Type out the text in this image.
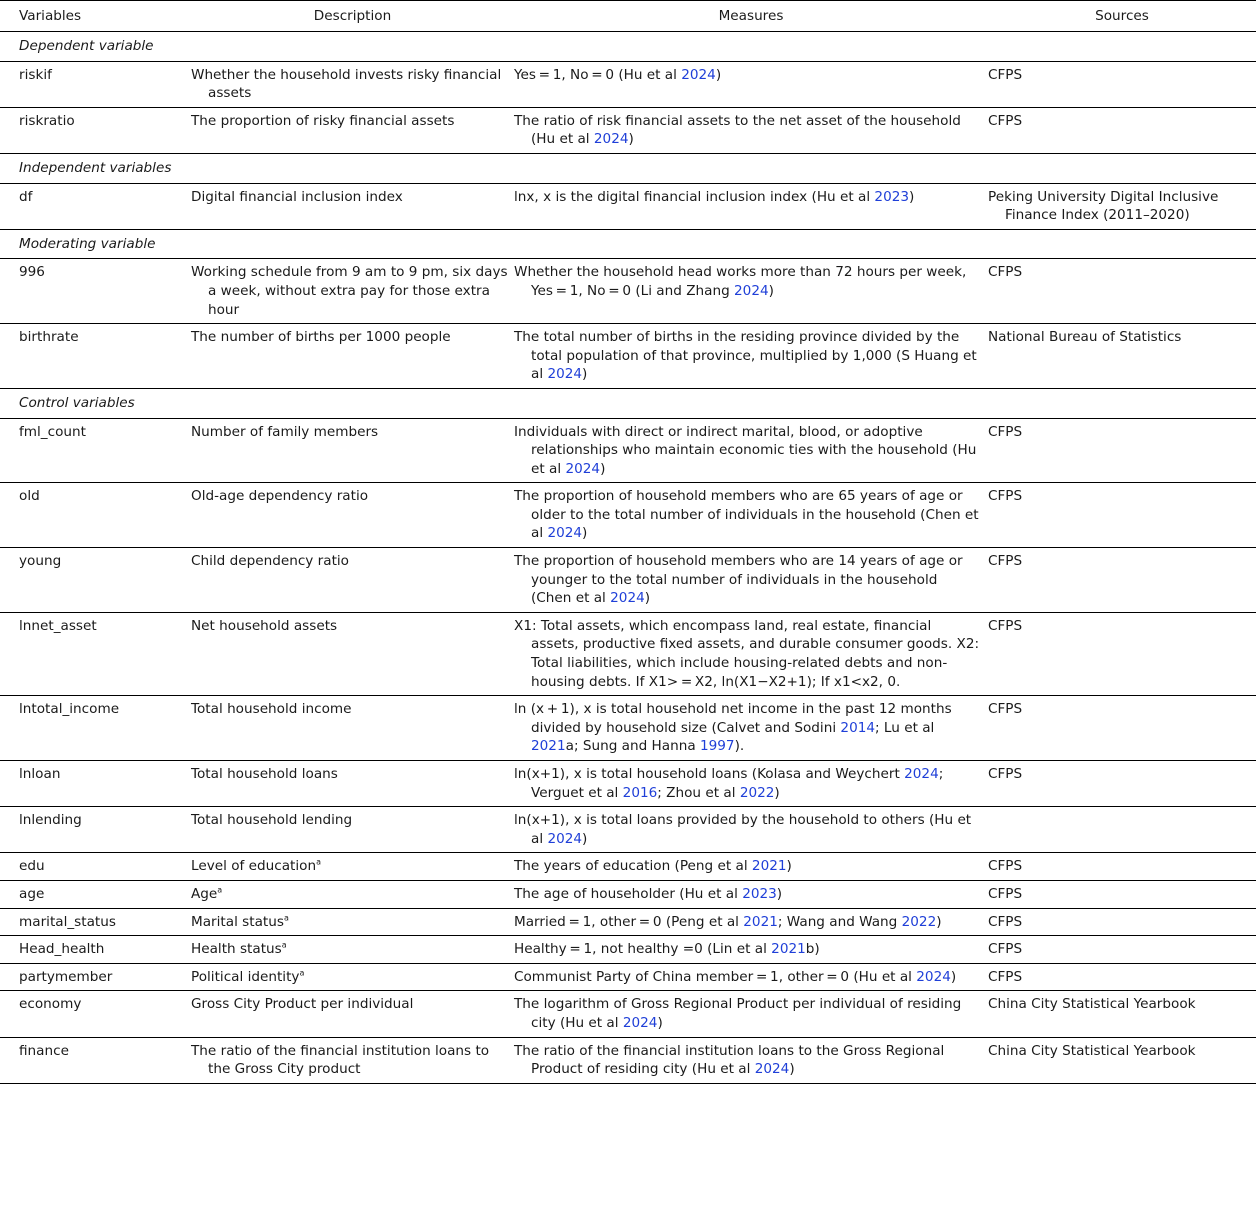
Variables	Description	Measures	Sources
Dependent variable			
riskif	Whether the household invests risky financial assets	Yes = 1, No = 0 (Hu et al 2024)	CFPS

riskratio	The proportion of risky financial assets	The ratio of risk financial assets to the net asset of the household (Hu et al 2024)	CFPS

Independent variables			
df	Digital financial inclusion index	lnx, x is the digital financial inclusion index (Hu et al 2023)	Peking University Digital Inclusive Finance Index (2011–2020)

Moderating variable			
996	Working schedule from 9 am to 9 pm, six days a week, without extra pay for those extra hour	Whether the household head works more than 72 hours per week, Yes = 1, No = 0 (Li and Zhang 2024)	CFPS

birthrate	The number of births per 1000 people	The total number of births in the residing province divided by the total population of that province, multiplied by 1,000 (S Huang et al 2024)	National Bureau of Statistics

Control variables			
fml_count	Number of family members	Individuals with direct or indirect marital, blood, or adoptive relationships who maintain economic ties with the household (Hu et al 2024)	CFPS

old	Old-age dependency ratio	The proportion of household members who are 65 years of age or older to the total number of individuals in the household (Chen et al 2024)	CFPS

young	Child dependency ratio	The proportion of household members who are 14 years of age or younger to the total number of individuals in the household (Chen et al 2024)	CFPS

lnnet_asset	Net household assets	X1: Total assets, which encompass land, real estate, financial assets, productive fixed assets, and durable consumer goods. X2: Total liabilities, which include housing-related debts and non-housing debts. If X1> = X2, ln(X1−X2+1); If x1<x2, 0.	CFPS

lntotal_income	Total household income	ln (x + 1), x is total household net income in the past 12 months divided by household size (Calvet and Sodini 2014; Lu et al 2021a; Sung and Hanna 1997).	CFPS

lnloan	Total household loans	ln(x+1), x is total household loans (Kolasa and Weychert 2024; Verguet et al 2016; Zhou et al 2022)	CFPS

lnlending	Total household lending	ln(x+1), x is total loans provided by the household to others (Hu et al 2024)	

edu	Level of education$^a$	The years of education (Peng et al 2021)	CFPS

age	Age$^a$	The age of householder (Hu et al 2023)	CFPS

marital_status	Marital status$^a$	Married = 1, other = 0 (Peng et al 2021; Wang and Wang 2022)	CFPS

Head_health	Health status$^a$	Healthy = 1, not healthy =0 (Lin et al 2021b)	CFPS

partymember	Political identity$^a$	Communist Party of China member = 1, other = 0 (Hu et al 2024)	CFPS

economy	Gross City Product per individual	The logarithm of Gross Regional Product per individual of residing city (Hu et al 2024)	China City Statistical Yearbook

finance	The ratio of the financial institution loans to the Gross City product	The ratio of the financial institution loans to the Gross Regional Product of residing city (Hu et al 2024)	China City Statistical Yearbook
